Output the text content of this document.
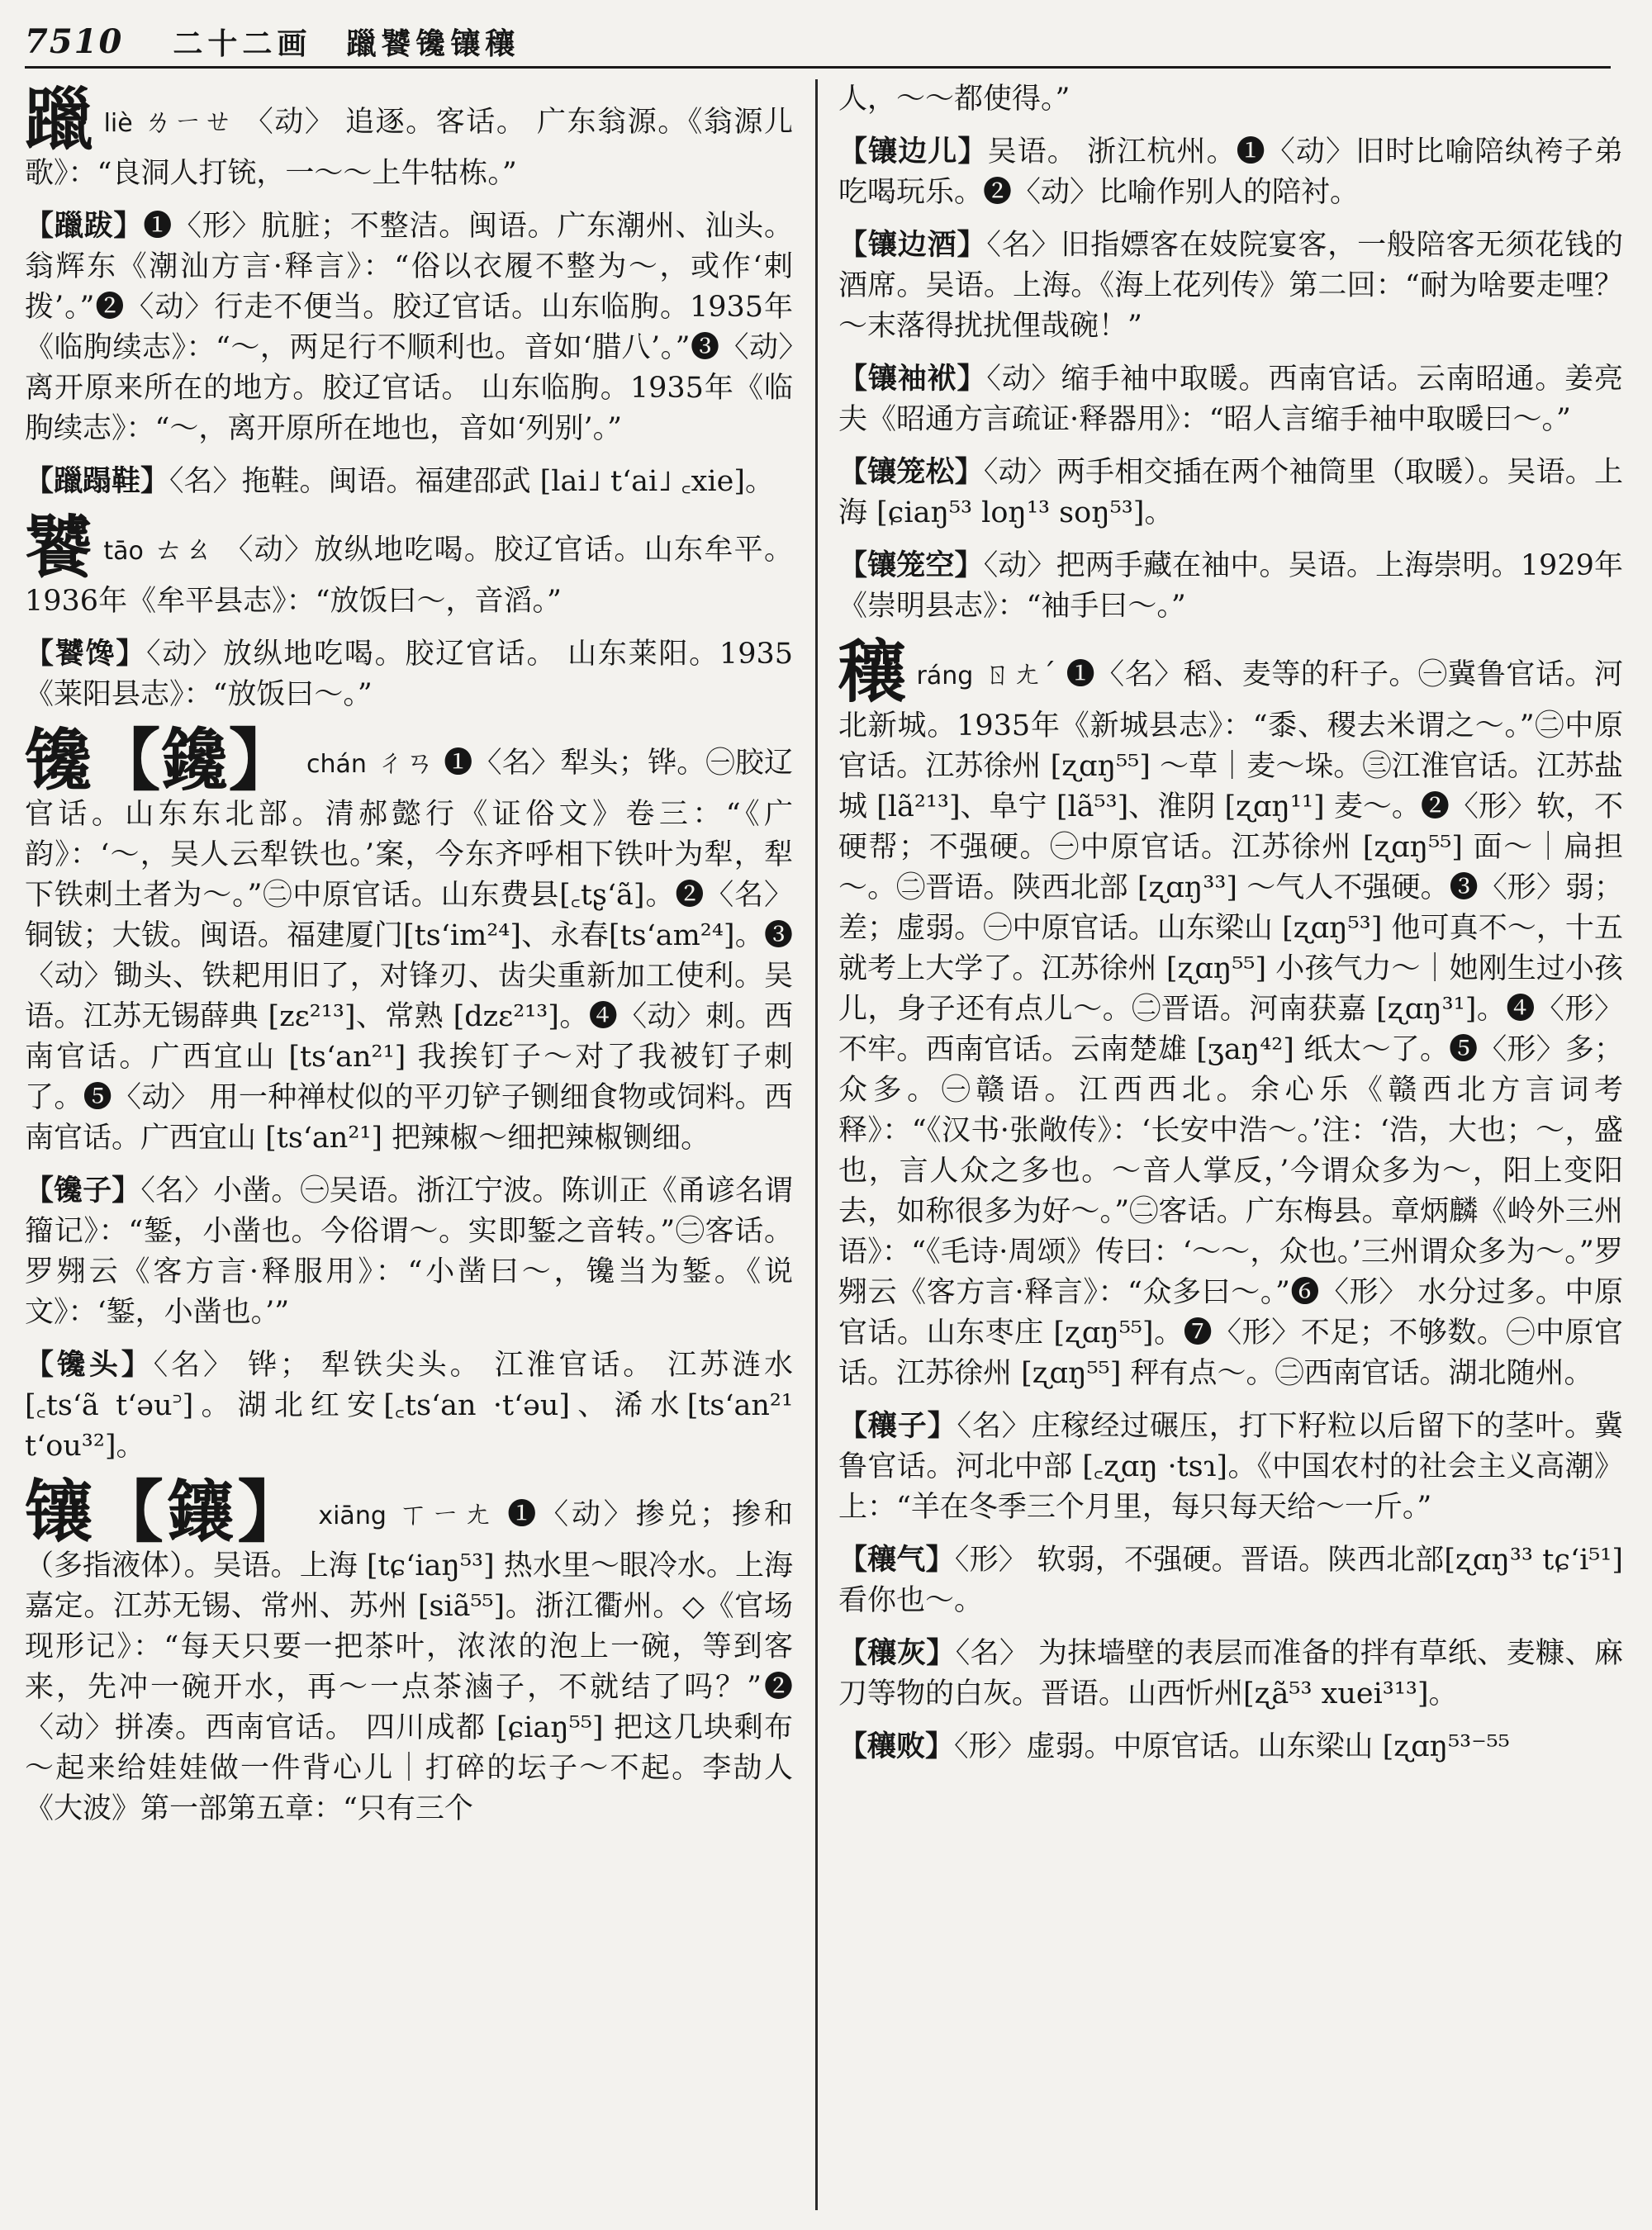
7510 二十二画　躐饕镵镶穰
躐liè ㄌㄧㄝ 〈动〉 追逐。客话。 广东翁源。《翁源儿歌》：“良洞人打铳，一～～上牛牯栋。”
【躐跋】❶〈形〉肮脏；不整洁。闽语。广东潮州、汕头。翁辉东《潮汕方言·释言》：“俗以衣履不整为～，或作‘剌拨’。”❷〈动〉行走不便当。胶辽官话。山东临朐。1935年《临朐续志》：“～，两足行不顺利也。音如‘腊八’。”❸〈动〉离开原来所在的地方。胶辽官话。 山东临朐。1935年《临朐续志》：“～，离开原所在地也，音如‘列别’。”
【躐蹋鞋】〈名〉拖鞋。闽语。福建邵武 [lai˩ tʻai˩ ꜀xie]。
饕tāo ㄊㄠ 〈动〉放纵地吃喝。胶辽官话。山东牟平。1936年《牟平县志》：“放饭曰～，音滔。”
【饕馋】〈动〉放纵地吃喝。胶辽官话。 山东莱阳。1935《莱阳县志》：“放饭曰～。”
镵【鑱】 chán ㄔㄢ ❶〈名〉犁头；铧。㊀胶辽官话。山东东北部。清郝懿行《证俗文》卷三：“《广韵》：‘～，吴人云犁铁也。’案，今东齐呼相下铁叶为犁，犁下铁刺土者为～。”㊁中原官话。山东费县[꜀tʂʻã]。❷〈名〉铜钹；大钹。闽语。福建厦门[tsʻim²⁴]、永春[tsʻam²⁴]。❸〈动〉锄头、铁耙用旧了，对锋刃、齿尖重新加工使利。吴语。江苏无锡薛典 [zɛ²¹³]、常熟 [dzɛ²¹³]。❹〈动〉刺。西南官话。广西宜山 [tsʻan²¹] 我挨钉子～对了我被钉子刺了。❺〈动〉 用一种禅杖似的平刃铲子铡细食物或饲料。西南官话。广西宜山 [tsʻan²¹] 把辣椒～细把辣椒铡细。
【镵子】〈名〉小凿。㊀吴语。浙江宁波。陈训正《甬谚名谓籀记》：“錾，小凿也。今俗谓～。实即錾之音转。”㊁客话。罗翙云《客方言·释服用》：“小凿曰～，镵当为錾。《说文》：‘錾，小凿也。’”
【镵头】〈名〉 铧； 犁铁尖头。 江淮官话。 江苏涟水 [꜀tsʻã tʻəu꜄]。湖北红安[꜀tsʻan ·tʻəu]、浠水[tsʻan²¹ tʻou³²]。
镶【鑲】 xiāng ㄒㄧㄤ ❶〈动〉掺兑；掺和（多指液体）。吴语。上海 [tɕʻiaŋ⁵³] 热水里～眼冷水。上海嘉定。江苏无锡、常州、苏州 [siã⁵⁵]。浙江衢州。◇《官场现形记》：“每天只要一把茶叶，浓浓的泡上一碗，等到客来，先冲一碗开水，再～一点茶滷子，不就结了吗？”❷〈动〉拼凑。西南官话。 四川成都 [ɕiaŋ⁵⁵] 把这几块剩布～起来给娃娃做一件背心儿｜打碎的坛子～不起。李劼人《大波》第一部第五章：“只有三个
人，～～都使得。”
【镶边儿】吴语。 浙江杭州。❶〈动〉旧时比喻陪纨袴子弟吃喝玩乐。❷〈动〉比喻作别人的陪衬。
【镶边酒】〈名〉旧指嫖客在妓院宴客，一般陪客无须花钱的酒席。吴语。上海。《海上花列传》第二回：“耐为啥要走哩？～末落得扰扰俚哉碗！”
【镶袖袱】〈动〉缩手袖中取暖。西南官话。云南昭通。姜亮夫《昭通方言疏证·释器用》：“昭人言缩手袖中取暖曰～。”
【镶笼松】〈动〉两手相交插在两个袖筒里（取暖）。吴语。上海 [ɕiaŋ⁵³ loŋ¹³ soŋ⁵³]。
【镶笼空】〈动〉把两手藏在袖中。吴语。上海崇明。1929年《崇明县志》：“袖手曰～。”
穰ráng ㄖㄤˊ ❶〈名〉稻、麦等的秆子。㊀冀鲁官话。河北新城。1935年《新城县志》：“黍、稷去米谓之～。”㊁中原官话。江苏徐州 [ʐɑŋ⁵⁵] ～草｜麦～垛。㊂江淮官话。江苏盐城 [lã²¹³]、阜宁 [lã⁵³]、淮阴 [ʐɑŋ¹¹] 麦～。❷〈形〉软，不硬帮；不强硬。㊀中原官话。江苏徐州 [ʐɑŋ⁵⁵] 面～｜扁担～。㊁晋语。陕西北部 [ʐɑŋ³³] ～气人不强硬。❸〈形〉弱；差；虚弱。㊀中原官话。山东梁山 [ʐɑŋ⁵³] 他可真不～，十五就考上大学了。江苏徐州 [ʐɑŋ⁵⁵] 小孩气力～｜她刚生过小孩儿，身子还有点儿～。㊁晋语。河南获嘉 [ʐɑŋ³¹]。❹〈形〉 不牢。西南官话。云南楚雄 [ʒaŋ⁴²] 纸太～了。❺〈形〉多；众多。㊀赣语。江西西北。余心乐《赣西北方言词考释》：“《汉书·张敞传》：‘长安中浩～。’注：‘浩，大也；～，盛也，言人众之多也。～音人掌反，’今谓众多为～，阳上变阳去，如称很多为好～。”㊁客话。广东梅县。章炳麟《岭外三州语》：“《毛诗·周颂》传曰：‘～～，众也。’三州谓众多为～。”罗翙云《客方言·释言》：“众多曰～。”❻〈形〉 水分过多。中原官话。山东枣庄 [ʐɑŋ⁵⁵]。❼〈形〉不足；不够数。㊀中原官话。江苏徐州 [ʐɑŋ⁵⁵] 秤有点～。㊁西南官话。湖北随州。
【穰子】〈名〉庄稼经过碾压，打下籽粒以后留下的茎叶。冀鲁官话。河北中部 [꜀ʐɑŋ ·tsɿ]。《中国农村的社会主义高潮》上：“羊在冬季三个月里，每只每天给～一斤。”
【穰气】〈形〉 软弱，不强硬。晋语。陕西北部[ʐɑŋ³³ tɕʻi⁵¹] 看你也～。
【穰灰】〈名〉 为抹墙壁的表层而准备的拌有草纸、麦糠、麻刀等物的白灰。晋语。山西忻州[ʐã⁵³ xuei³¹³]。
【穰败】〈形〉虚弱。中原官话。山东梁山 [ʐɑŋ⁵³⁻⁵⁵
